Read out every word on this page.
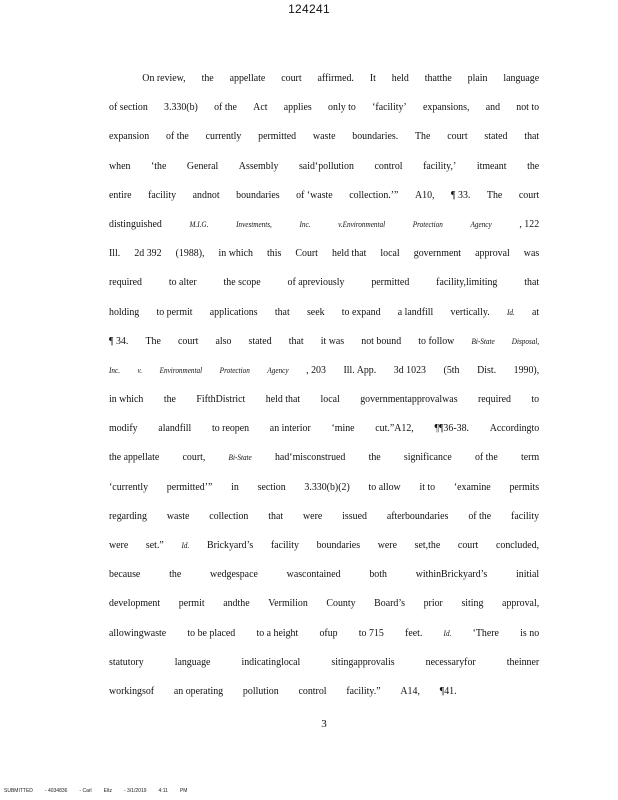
124241
On review, the appellate court affirmed. It held thatthe plain language
of section 3.330(b) of the Act applies only to ‘facility’ expansions, and not to
expansion of the currently permitted waste boundaries. The court stated that
when ‘the General Assembly said‘pollution control facility,’ itmeant the
entire facility andnot boundaries of ‘waste collection.’” A10, ¶ 33. The court
distinguished	M.I.G.	Investments,	Inc.	v.Environmental	Protection	Agency	, 122
Ill. 2d 392 (1988), in which this Court held that local government approval was
required to alter the scope of apreviously permitted facility,limiting that
holding to permit applications that seek to expand a landfill vertically. Id. at
¶ 34. The court also stated that it was not bound to follow Bi-State Disposal,
Inc. v. Environmental Protection Agency , 203 Ill. App. 3d 1023 (5th Dist. 1990),
in which the FifthDistrict held that local governmentapprovalwas required to
modify alandfill to reopen an interior ‘mine cut.”A12, ¶¶36-38. Accordingto
the appellate court,	Bi-State had‘misconstrued the significance of the term
‘currently permitted’” in section 3.330(b)(2) to allow it to ‘examine permits
regarding waste collection that were issued afterboundaries of the facility
were set.” Id. Brickyard’s facility boundaries were set,the court concluded,
because	the	wedgespace	wascontained	both	withinBrickyard’s	initial
development permit andthe Vermilion County Board’s prior siting approval,
allowingwaste to be placed to a height ofup to 715 feet.	Id. ‘There is no
statutory	language	indicatinglocal	sitingapprovalis	necessaryfor	theinner
workingsof an operating pollution control facility.” A14, ¶41.
3
SUBMITTED - 4034836 - Carl Eltz - 3/1/2019 4:11 PM
